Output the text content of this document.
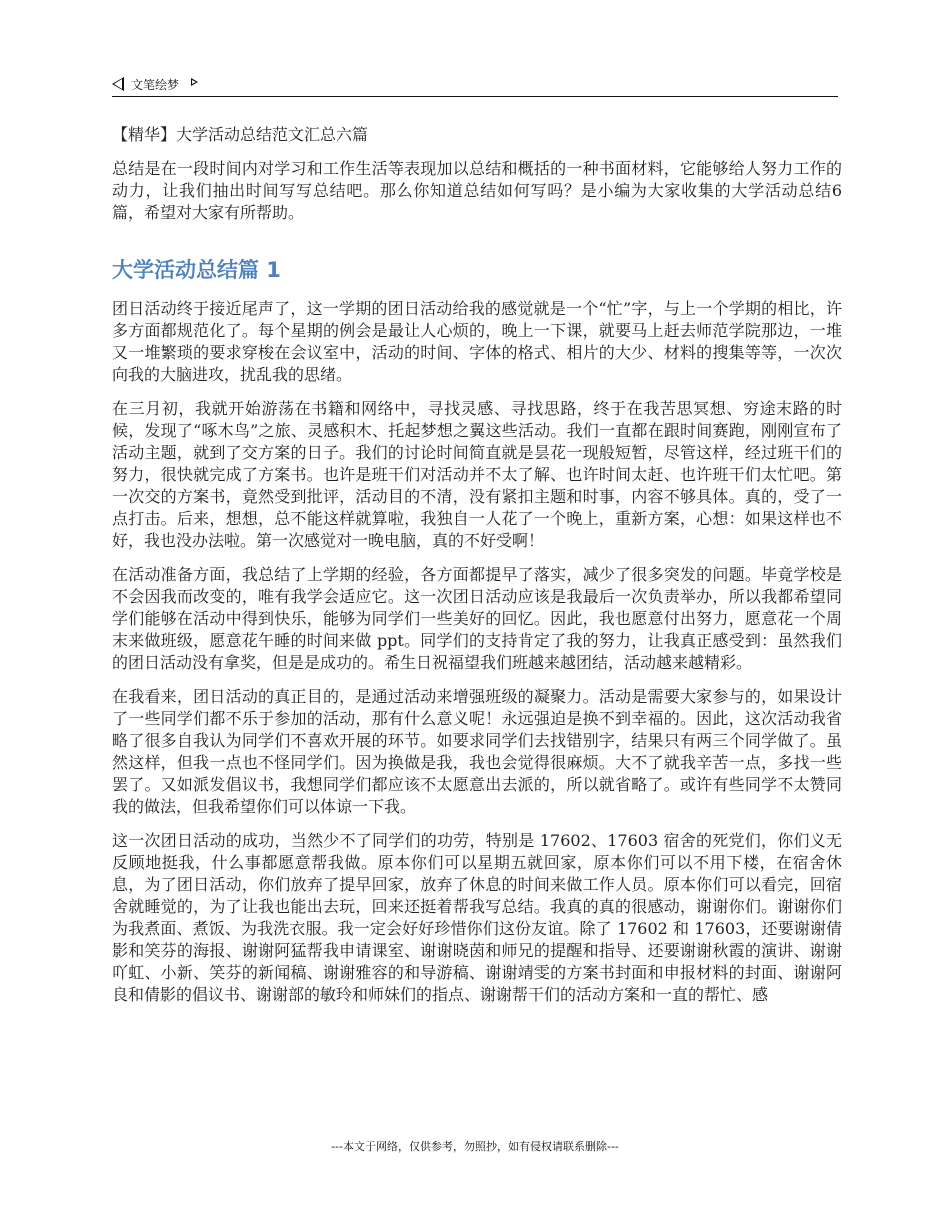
文笔绘梦
【精华】大学活动总结范文汇总六篇

总结是在一段时间内对学习和工作生活等表现加以总结和概括的一种书面材料，它能够给人努力工作的动力，让我们抽出时间写写总结吧。那么你知道总结如何写吗？是小编为大家收集的大学活动总结6篇，希望对大家有所帮助。

大学活动总结篇 1

团日活动终于接近尾声了，这一学期的团日活动给我的感觉就是一个“忙”字，与上一个学期的相比，许多方面都规范化了。每个星期的例会是最让人心烦的，晚上一下课，就要马上赶去师范学院那边，一堆又一堆繁琐的要求穿梭在会议室中，活动的时间、字体的格式、相片的大少、材料的搜集等等，一次次向我的大脑进攻，扰乱我的思绪。

在三月初，我就开始游荡在书籍和网络中，寻找灵感、寻找思路，终于在我苦思冥想、穷途末路的时候，发现了“啄木鸟”之旅、灵感积木、托起梦想之翼这些活动。我们一直都在跟时间赛跑，刚刚宣布了活动主题，就到了交方案的日子。我们的讨论时间简直就是昙花一现般短暂，尽管这样，经过班干们的努力，很快就完成了方案书。也许是班干们对活动并不太了解、也许时间太赶、也许班干们太忙吧。第一次交的方案书，竟然受到批评，活动目的不清，没有紧扣主题和时事，内容不够具体。真的，受了一点打击。后来，想想，总不能这样就算啦，我独自一人花了一个晚上，重新方案，心想：如果这样也不好，我也没办法啦。第一次感觉对一晚电脑，真的不好受啊！

在活动准备方面，我总结了上学期的经验，各方面都提早了落实，减少了很多突发的问题。毕竟学校是不会因我而改变的，唯有我学会适应它。这一次团日活动应该是我最后一次负责举办，所以我都希望同学们能够在活动中得到快乐，能够为同学们一些美好的回忆。因此，我也愿意付出努力，愿意花一个周末来做班级，愿意花午睡的时间来做 ppt。同学们的支持肯定了我的努力，让我真正感受到：虽然我们的团日活动没有拿奖，但是是成功的。希生日祝福望我们班越来越团结，活动越来越精彩。

在我看来，团日活动的真正目的，是通过活动来增强班级的凝聚力。活动是需要大家参与的，如果设计了一些同学们都不乐于参加的活动，那有什么意义呢！永远强迫是换不到幸福的。因此，这次活动我省略了很多自我认为同学们不喜欢开展的环节。如要求同学们去找错别字，结果只有两三个同学做了。虽然这样，但我一点也不怪同学们。因为换做是我，我也会觉得很麻烦。大不了就我辛苦一点，多找一些罢了。又如派发倡议书，我想同学们都应该不太愿意出去派的，所以就省略了。或许有些同学不太赞同我的做法，但我希望你们可以体谅一下我。

这一次团日活动的成功，当然少不了同学们的功劳，特别是 17602、17603 宿舍的死党们，你们义无反顾地挺我，什么事都愿意帮我做。原本你们可以星期五就回家，原本你们可以不用下楼，在宿舍休息，为了团日活动，你们放弃了提早回家，放弃了休息的时间来做工作人员。原本你们可以看完，回宿舍就睡觉的，为了让我也能出去玩，回来还挺着帮我写总结。我真的真的很感动，谢谢你们。谢谢你们为我煮面、煮饭、为我洗衣服。我一定会好好珍惜你们这份友谊。除了 17602 和 17603，还要谢谢倩影和笑芬的海报、谢谢阿猛帮我申请课室、谢谢晓茵和师兄的提醒和指导、还要谢谢秋霞的演讲、谢谢吖虹、小新、笑芬的新闻稿、谢谢雅容的和导游稿、谢谢靖雯的方案书封面和申报材料的封面、谢谢阿良和倩影的倡议书、谢谢部的敏玲和师妹们的指点、谢谢帮干们的活动方案和一直的帮忙、感

---本文于网络，仅供参考，勿照抄，如有侵权请联系删除---
